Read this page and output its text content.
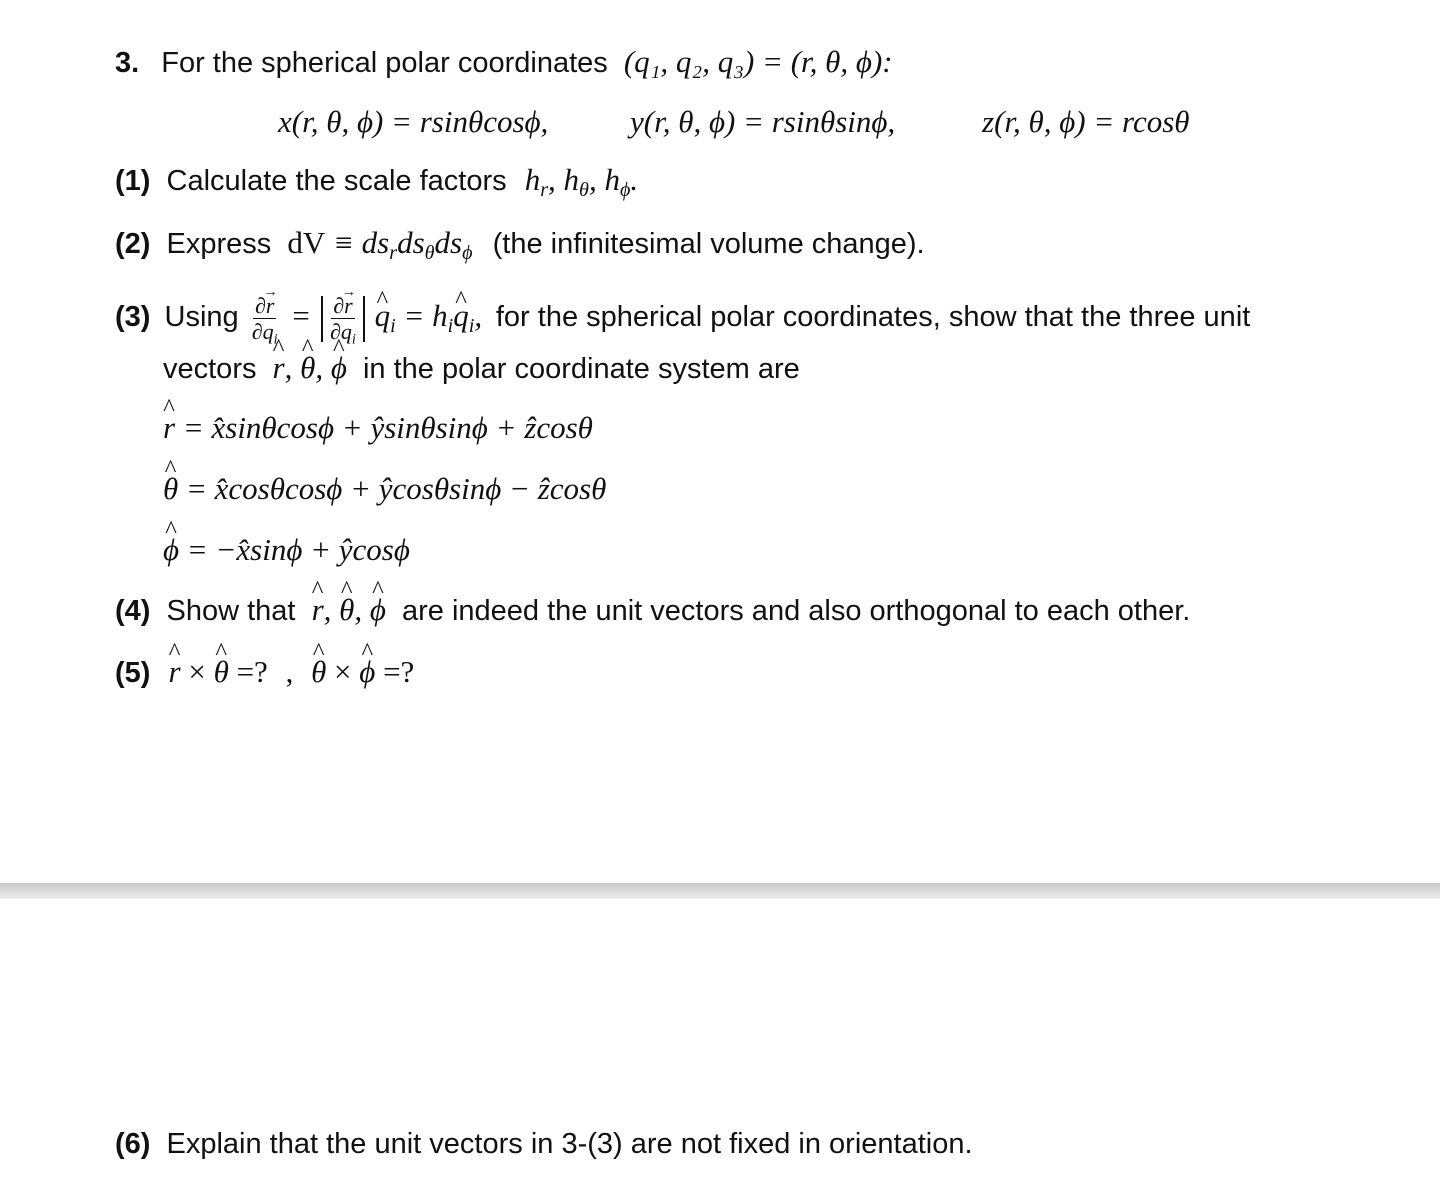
3. For the spherical polar coordinates (q₁, q₂, q₃) = (r, θ, ϕ):
x(r, θ, ϕ) = rsinθcosϕ,	y(r, θ, ϕ) = rsinθsinϕ,	z(r, θ, ϕ) = rcosθ
(1) Calculate the scale factors $h_r$, $h_\theta$, $h_\phi$.
(2) Express dV ≡ $ds_rds_\theta ds_\phi$ (the infinitesimal volume change).
(3) Using $\frac{\partial\to r}{\partial q_i} = \frac{\partial\to r}{\partial q_i}$ ^ $q_i$ = $h_i\^{}$ $q_i$, for the spherical polar coordinates, show that the three unit
vectors ^ r, ^ θ, ^ ϕ in the polar coordinate system are
^ r = x̂sinθcosϕ + ŷsinθsinϕ + ẑcosθ
^ θ = x̂cosθcosϕ + ŷcosθsinϕ − ẑcosθ
^ ϕ = −x̂sinϕ + ŷcosϕ
(4) Show that ^ r, ^ θ, ^ ϕ are indeed the unit vectors and also orthogonal to each other.
(5) ^ r × ^ θ =? , ^ θ × ^ ϕ =?
(6) Explain that the unit vectors in 3-(3) are not fixed in orientation.
